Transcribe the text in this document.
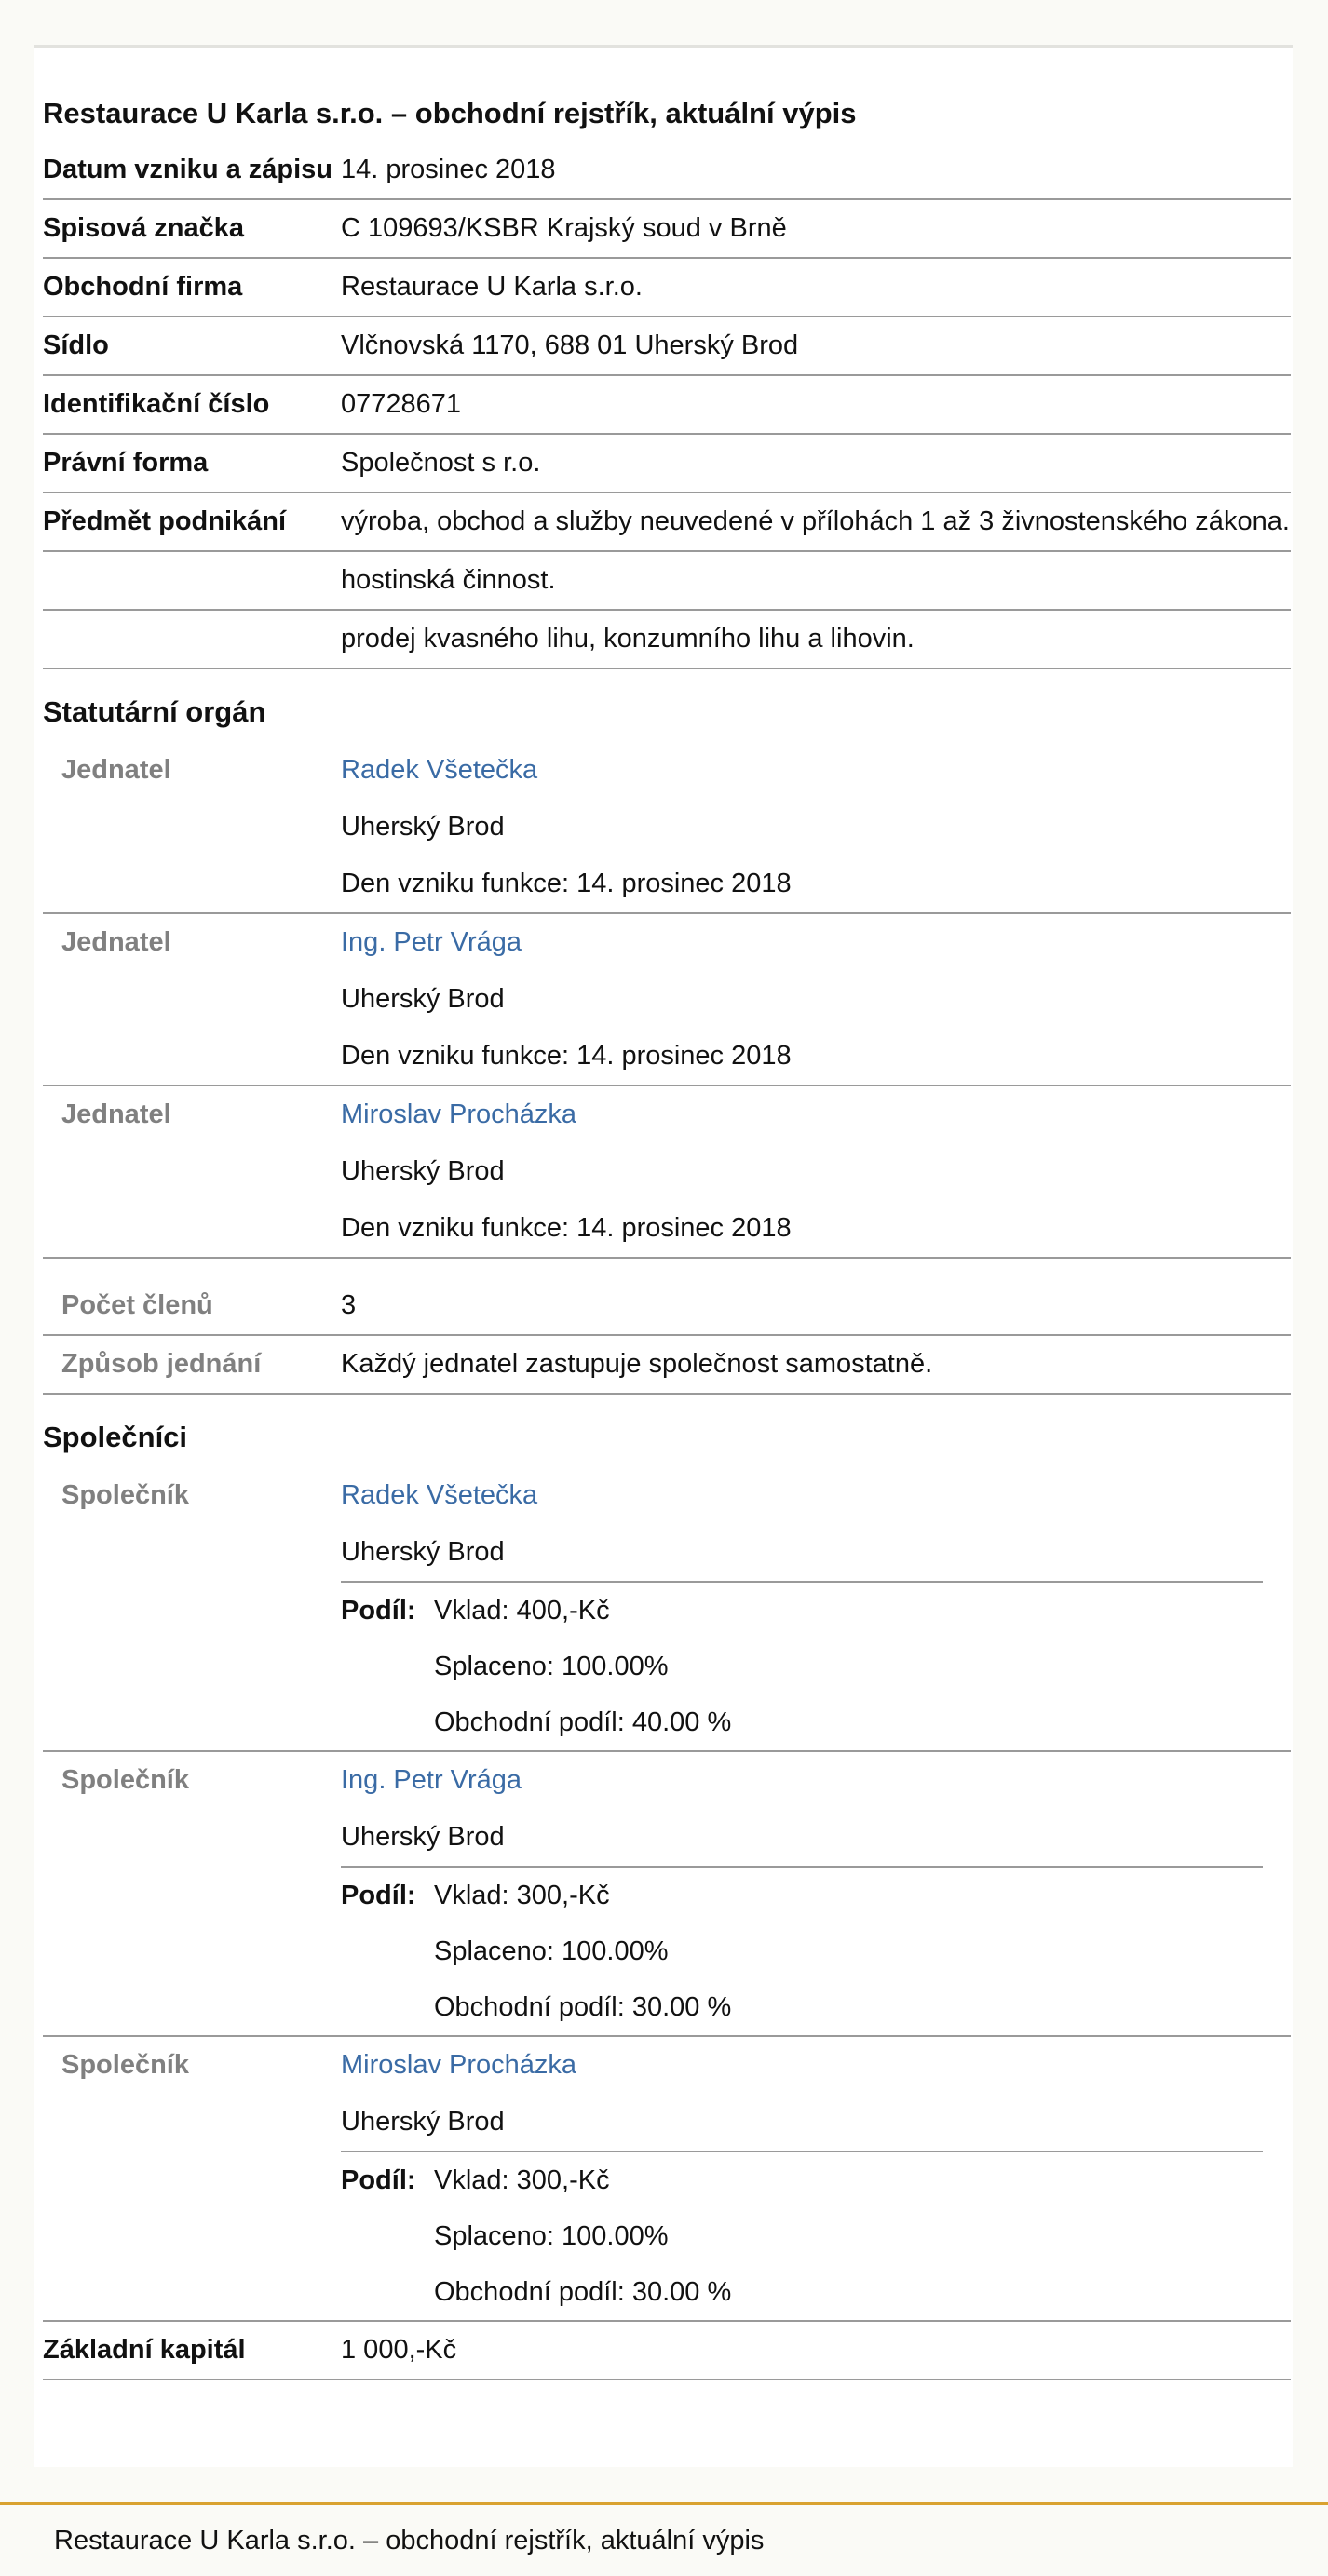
Restaurace U Karla s.r.o. – obchodní rejstřík, aktuální výpis
Datum vzniku a zápisu 14. prosinec 2018
Spisová značka	C 109693/KSBR Krajský soud v Brně
Obchodní firma	Restaurace U Karla s.r.o.
Sídlo	Vlčnovská 1170, 688 01 Uherský Brod
Identifikační číslo	07728671
Právní forma	Společnost s r.o.
Předmět podnikání	výroba, obchod a služby neuvedené v přílohách 1 až 3 živnostenského zákona.
hostinská činnost.
prodej kvasného lihu, konzumního lihu a lihovin.
Statutární orgán
Jednatel	Radek Všetečka
Uherský Brod
Den vzniku funkce: 14. prosinec 2018
Jednatel	Ing. Petr Vrága
Uherský Brod
Den vzniku funkce: 14. prosinec 2018
Jednatel	Miroslav Procházka
Uherský Brod
Den vzniku funkce: 14. prosinec 2018
Počet členů	3
Způsob jednání	Každý jednatel zastupuje společnost samostatně.
Společníci
Společník	Radek Všetečka
Uherský Brod
Podíl: Vklad: 400,-Kč
Splaceno: 100.00%
Obchodní podíl: 40.00 %
Společník	Ing. Petr Vrága
Uherský Brod
Podíl: Vklad: 300,-Kč
Splaceno: 100.00%
Obchodní podíl: 30.00 %
Společník	Miroslav Procházka
Uherský Brod
Podíl: Vklad: 300,-Kč
Splaceno: 100.00%
Obchodní podíl: 30.00 %
Základní kapitál	1 000,-Kč
Restaurace U Karla s.r.o. – obchodní rejstřík, aktuální výpis
